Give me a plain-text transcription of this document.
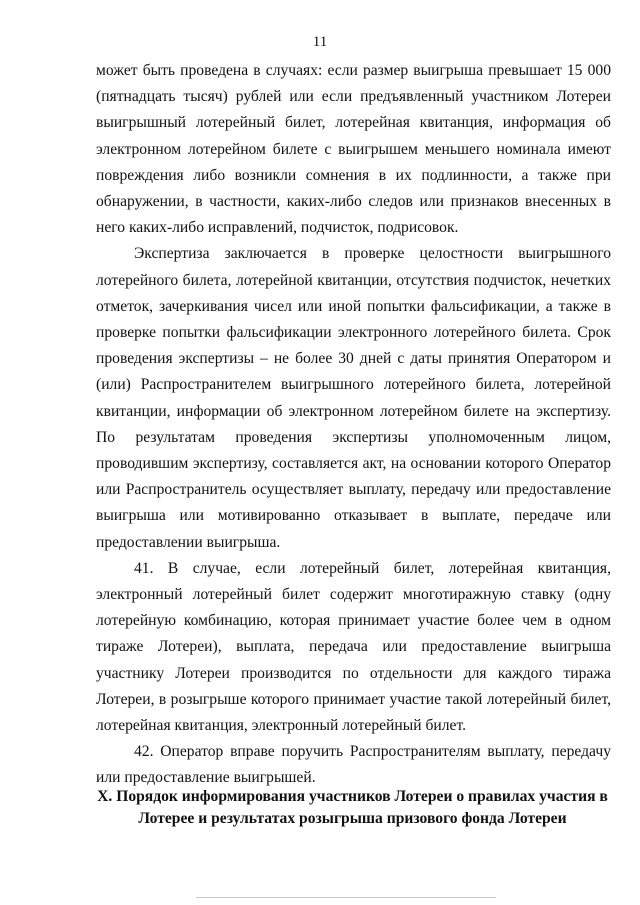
11

может быть проведена в случаях: если размер выигрыша превышает 15 000 (пятнадцать тысяч) рублей или если предъявленный участником Лотереи выигрышный лотерейный билет, лотерейная квитанция, информация об электронном лотерейном билете с выигрышем меньшего номинала имеют повреждения либо возникли сомнения в их подлинности, а также при обнаружении, в частности, каких-либо следов или признаков внесенных в него каких-либо исправлений, подчисток, подрисовок.

Экспертиза заключается в проверке целостности выигрышного лотерейного билета, лотерейной квитанции, отсутствия подчисток, нечетких отметок, зачеркивания чисел или иной попытки фальсификации, а также в проверке попытки фальсификации электронного лотерейного билета. Срок проведения экспертизы – не более 30 дней с даты принятия Оператором и (или) Распространителем выигрышного лотерейного билета, лотерейной квитанции, информации об электронном лотерейном билете на экспертизу. По результатам проведения экспертизы уполномоченным лицом, проводившим экспертизу, составляется акт, на основании которого Оператор или Распространитель осуществляет выплату, передачу или предоставление выигрыша или мотивированно отказывает в выплате, передаче или предоставлении выигрыша.

41. В случае, если лотерейный билет, лотерейная квитанция, электронный лотерейный билет содержит многотиражную ставку (одну лотерейную комбинацию, которая принимает участие более чем в одном тираже Лотереи), выплата, передача или предоставление выигрыша участнику Лотереи производится по отдельности для каждого тиража Лотереи, в розыгрыше которого принимает участие такой лотерейный билет, лотерейная квитанция, электронный лотерейный билет.

42. Оператор вправе поручить Распространителям выплату, передачу или предоставление выигрышей.

X. Порядок информирования участников Лотереи о правилах участия в
Лотерее и результатах розыгрыша призового фонда Лотереи
